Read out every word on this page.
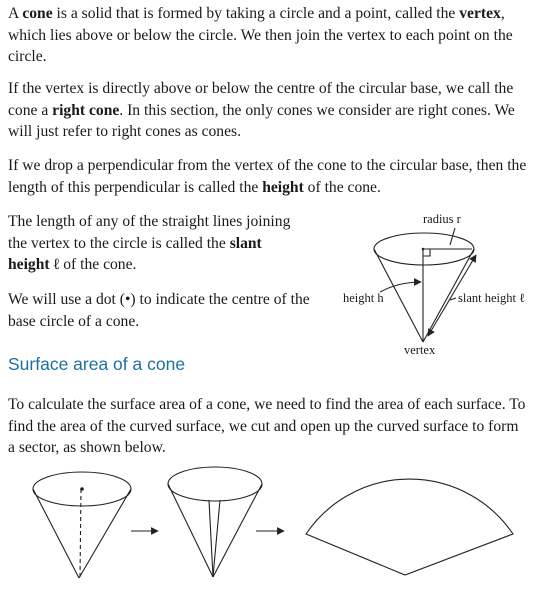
A cone is a solid that is formed by taking a circle and a point, called the vertex, which lies above or below the circle. We then join the vertex to each point on the circle.

If the vertex is directly above or below the centre of the circular base, we call the cone a right cone. In this section, the only cones we consider are right cones. We will just refer to right cones as cones.

If we drop a perpendicular from the vertex of the cone to the circular base, then the length of this perpendicular is called the height of the cone.

The length of any of the straight lines joining the vertex to the circle is called the slant height ℓ of the cone.

We will use a dot (•) to indicate the centre of the base circle of a cone.

Surface area of a cone

To calculate the surface area of a cone, we need to find the area of each surface. To find the area of the curved surface, we cut and open up the curved surface to form a sector, as shown below.

radius r
height h	slant height ℓ
vertex
